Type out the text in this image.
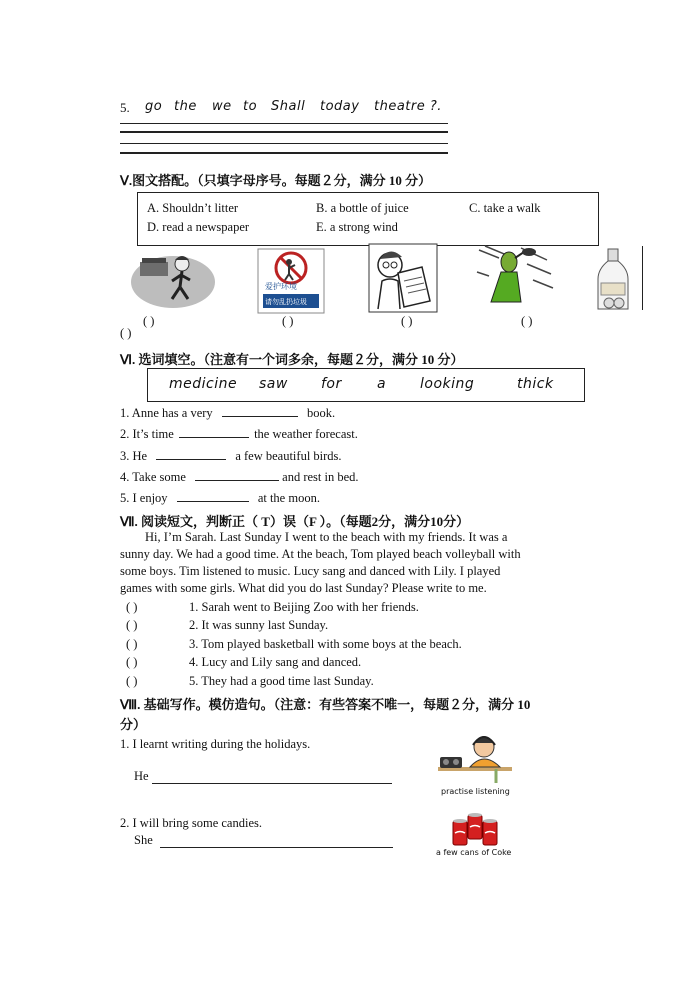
5. go the we to Shall today theatre ?.
Ⅴ.图文搭配。（只填字母序号。每题２分，满分 10 分）
A. Shouldn’t litter	B. a bottle of juice	C. take a walk
D. read a newspaper	E. a strong wind
爱护环境
请勿乱扔垃圾
( )	( )	( )	( )
( )
Ⅵ. 选词填空。（注意有一个词多余，每题２分，满分 10 分）
medicine saw for	a looking	thick
1. Anne has a very	book.
2. It’s time	the weather forecast.
3. He	a few beautiful birds.
4. Take some	and rest in bed.
5. I enjoy	at the moon.
Ⅶ. 阅读短文，判断正（ T）误（F ）。（每题2分，满分10分）
Hi, I’m Sarah. Last Sunday I went to the beach with my friends. It was a
sunny day. We had a good time. At the beach, Tom played beach volleyball with
some boys. Tim listened to music. Lucy sang and danced with Lily. I played
games with some girls. What did you do last Sunday? Please write to me.
( )	1. Sarah went to Beijing Zoo with her friends.
( )	2. It was sunny last Sunday.
( )	3. Tom played basketball with some boys at the beach.
( )	4. Lucy and Lily sang and danced.
( )	5. They had a good time last Sunday.
Ⅷ. 基础写作。模仿造句。（注意：有些答案不唯一，每题２分，满分 10
分）
1. I learnt writing during the holidays.
He
practise listening
2. I will bring some candies.
She
a few cans of Coke
